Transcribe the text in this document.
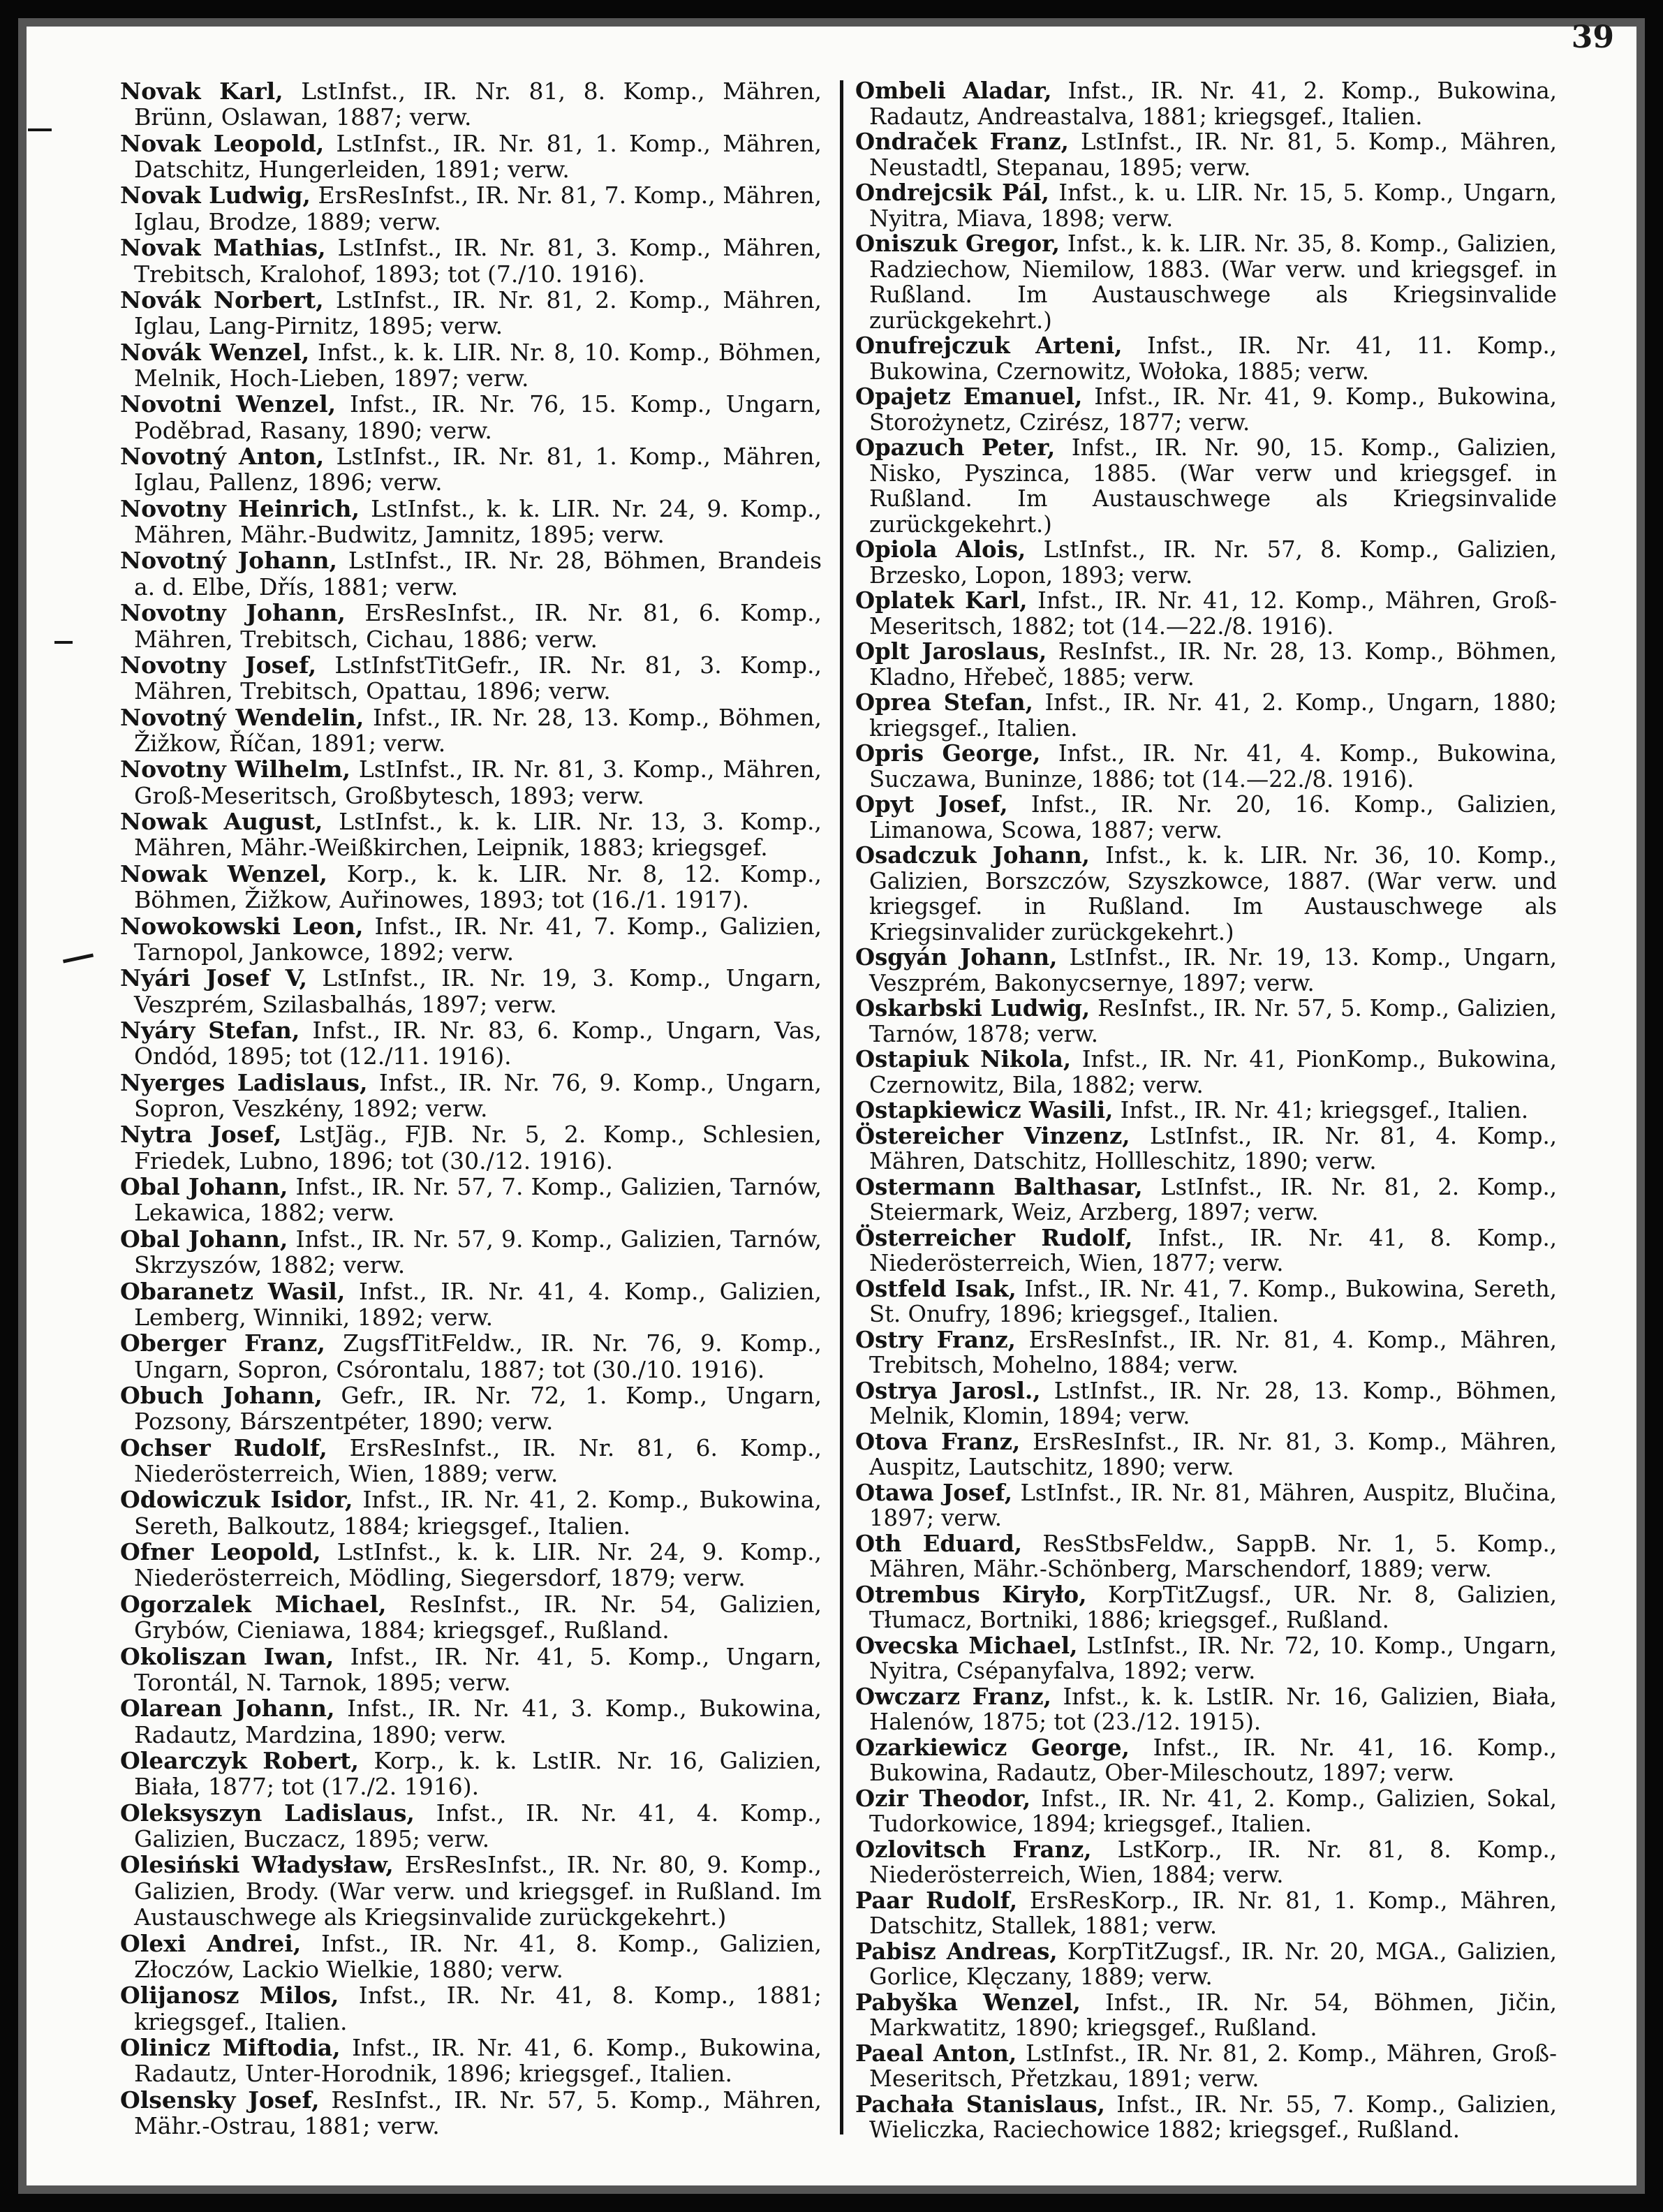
39

Novak Karl, LstInfst., IR. Nr. 81, 8. Komp., Mähren, Brünn, Oslawan, 1887; verw.

Novak Leopold, LstInfst., IR. Nr. 81, 1. Komp., Mähren, Datschitz, Hungerleiden, 1891; verw.

Novak Ludwig, ErsResInfst., IR. Nr. 81, 7. Komp., Mähren, Iglau, Brodze, 1889; verw.

Novak Mathias, LstInfst., IR. Nr. 81, 3. Komp., Mähren, Trebitsch, Kralohof, 1893; tot (7./10. 1916).

Novák Norbert, LstInfst., IR. Nr. 81, 2. Komp., Mähren, Iglau, Lang-Pirnitz, 1895; verw.

Novák Wenzel, Infst., k. k. LIR. Nr. 8, 10. Komp., Böhmen, Melnik, Hoch-Lieben, 1897; verw.

Novotni Wenzel, Infst., IR. Nr. 76, 15. Komp., Ungarn, Poděbrad, Rasany, 1890; verw.

Novotný Anton, LstInfst., IR. Nr. 81, 1. Komp., Mähren, Iglau, Pallenz, 1896; verw.

Novotny Heinrich, LstInfst., k. k. LIR. Nr. 24, 9. Komp., Mähren, Mähr.-Budwitz, Jamnitz, 1895; verw.

Novotný Johann, LstInfst., IR. Nr. 28, Böhmen, Brandeis a. d. Elbe, Dřís, 1881; verw.

Novotny Johann, ErsResInfst., IR. Nr. 81, 6. Komp., Mähren, Trebitsch, Cichau, 1886; verw.

Novotny Josef, LstInfstTitGefr., IR. Nr. 81, 3. Komp., Mähren, Trebitsch, Opattau, 1896; verw.

Novotný Wendelin, Infst., IR. Nr. 28, 13. Komp., Böhmen, Žižkow, Říčan, 1891; verw.

Novotny Wilhelm, LstInfst., IR. Nr. 81, 3. Komp., Mähren, Groß-Meseritsch, Großbytesch, 1893; verw.

Nowak August, LstInfst., k. k. LIR. Nr. 13, 3. Komp., Mähren, Mähr.-Weißkirchen, Leipnik, 1883; kriegsgef.

Nowak Wenzel, Korp., k. k. LIR. Nr. 8, 12. Komp., Böhmen, Žižkow, Auřinowes, 1893; tot (16./1. 1917).

Nowokowski Leon, Infst., IR. Nr. 41, 7. Komp., Galizien, Tarnopol, Jankowce, 1892; verw.

Nyári Josef V, LstInfst., IR. Nr. 19, 3. Komp., Ungarn, Veszprém, Szilasbalhás, 1897; verw.

Nyáry Stefan, Infst., IR. Nr. 83, 6. Komp., Ungarn, Vas, Ondód, 1895; tot (12./11. 1916).

Nyerges Ladislaus, Infst., IR. Nr. 76, 9. Komp., Ungarn, Sopron, Veszkény, 1892; verw.

Nytra Josef, LstJäg., FJB. Nr. 5, 2. Komp., Schlesien, Friedek, Lubno, 1896; tot (30./12. 1916).

Obal Johann, Infst., IR. Nr. 57, 7. Komp., Galizien, Tarnów, Lekawica, 1882; verw.

Obal Johann, Infst., IR. Nr. 57, 9. Komp., Galizien, Tarnów, Skrzyszów, 1882; verw.

Obaranetz Wasil, Infst., IR. Nr. 41, 4. Komp., Galizien, Lemberg, Winniki, 1892; verw.

Oberger Franz, ZugsfTitFeldw., IR. Nr. 76, 9. Komp., Ungarn, Sopron, Csórontalu, 1887; tot (30./10. 1916).

Obuch Johann, Gefr., IR. Nr. 72, 1. Komp., Ungarn, Pozsony, Bárszentpéter, 1890; verw.

Ochser Rudolf, ErsResInfst., IR. Nr. 81, 6. Komp., Niederösterreich, Wien, 1889; verw.

Odowiczuk Isidor, Infst., IR. Nr. 41, 2. Komp., Bukowina, Sereth, Balkoutz, 1884; kriegsgef., Italien.

Ofner Leopold, LstInfst., k. k. LIR. Nr. 24, 9. Komp., Niederösterreich, Mödling, Siegersdorf, 1879; verw.

Ogorzalek Michael, ResInfst., IR. Nr. 54, Galizien, Grybów, Cieniawa, 1884; kriegsgef., Rußland.

Okoliszan Iwan, Infst., IR. Nr. 41, 5. Komp., Ungarn, Torontál, N. Tarnok, 1895; verw.

Olarean Johann, Infst., IR. Nr. 41, 3. Komp., Bukowina, Radautz, Mardzina, 1890; verw.

Olearczyk Robert, Korp., k. k. LstIR. Nr. 16, Galizien, Biała, 1877; tot (17./2. 1916).

Oleksyszyn Ladislaus, Infst., IR. Nr. 41, 4. Komp., Galizien, Buczacz, 1895; verw.

Olesiński Władysław, ErsResInfst., IR. Nr. 80, 9. Komp., Galizien, Brody. (War verw. und kriegsgef. in Rußland. Im Austauschwege als Kriegsinvalide zurückgekehrt.)

Olexi Andrei, Infst., IR. Nr. 41, 8. Komp., Galizien, Złoczów, Lackio Wielkie, 1880; verw.

Olijanosz Milos, Infst., IR. Nr. 41, 8. Komp., 1881; kriegsgef., Italien.

Olinicz Miftodia, Infst., IR. Nr. 41, 6. Komp., Bukowina, Radautz, Unter-Horodnik, 1896; kriegsgef., Italien.

Olsensky Josef, ResInfst., IR. Nr. 57, 5. Komp., Mähren, Mähr.-Ostrau, 1881; verw.

Ombeli Aladar, Infst., IR. Nr. 41, 2. Komp., Bukowina, Radautz, Andreastalva, 1881; kriegsgef., Italien.

Ondraček Franz, LstInfst., IR. Nr. 81, 5. Komp., Mähren, Neustadtl, Stepanau, 1895; verw.

Ondrejcsik Pál, Infst., k. u. LIR. Nr. 15, 5. Komp., Ungarn, Nyitra, Miava, 1898; verw.

Oniszuk Gregor, Infst., k. k. LIR. Nr. 35, 8. Komp., Galizien, Radziechow, Niemilow, 1883. (War verw. und kriegsgef. in Rußland. Im Austauschwege als Kriegsinvalide zurückgekehrt.)

Onufrejczuk Arteni, Infst., IR. Nr. 41, 11. Komp., Bukowina, Czernowitz, Wołoka, 1885; verw.

Opajetz Emanuel, Infst., IR. Nr. 41, 9. Komp., Bukowina, Storożynetz, Czirész, 1877; verw.

Opazuch Peter, Infst., IR. Nr. 90, 15. Komp., Galizien, Nisko, Pyszinca, 1885. (War verw und kriegsgef. in Rußland. Im Austauschwege als Kriegsinvalide zurückgekehrt.)

Opiola Alois, LstInfst., IR. Nr. 57, 8. Komp., Galizien, Brzesko, Lopon, 1893; verw.

Oplatek Karl, Infst., IR. Nr. 41, 12. Komp., Mähren, Groß-Meseritsch, 1882; tot (14.—22./8. 1916).

Oplt Jaroslaus, ResInfst., IR. Nr. 28, 13. Komp., Böhmen, Kladno, Hřebeč, 1885; verw.

Oprea Stefan, Infst., IR. Nr. 41, 2. Komp., Ungarn, 1880; kriegsgef., Italien.

Opris George, Infst., IR. Nr. 41, 4. Komp., Bukowina, Suczawa, Buninze, 1886; tot (14.—22./8. 1916).

Opyt Josef, Infst., IR. Nr. 20, 16. Komp., Galizien, Limanowa, Scowa, 1887; verw.

Osadczuk Johann, Infst., k. k. LIR. Nr. 36, 10. Komp., Galizien, Borszczów, Szyszkowce, 1887. (War verw. und kriegsgef. in Rußland. Im Austauschwege als Kriegsinvalider zurückgekehrt.)

Osgyán Johann, LstInfst., IR. Nr. 19, 13. Komp., Ungarn, Veszprém, Bakonycsernye, 1897; verw.

Oskarbski Ludwig, ResInfst., IR. Nr. 57, 5. Komp., Galizien, Tarnów, 1878; verw.

Ostapiuk Nikola, Infst., IR. Nr. 41, PionKomp., Bukowina, Czernowitz, Bila, 1882; verw.

Ostapkiewicz Wasili, Infst., IR. Nr. 41; kriegsgef., Italien.

Östereicher Vinzenz, LstInfst., IR. Nr. 81, 4. Komp., Mähren, Datschitz, Hollleschitz, 1890; verw.

Ostermann Balthasar, LstInfst., IR. Nr. 81, 2. Komp., Steiermark, Weiz, Arzberg, 1897; verw.

Österreicher Rudolf, Infst., IR. Nr. 41, 8. Komp., Niederösterreich, Wien, 1877; verw.

Ostfeld Isak, Infst., IR. Nr. 41, 7. Komp., Bukowina, Sereth, St. Onufry, 1896; kriegsgef., Italien.

Ostry Franz, ErsResInfst., IR. Nr. 81, 4. Komp., Mähren, Trebitsch, Mohelno, 1884; verw.

Ostrya Jarosl., LstInfst., IR. Nr. 28, 13. Komp., Böhmen, Melnik, Klomin, 1894; verw.

Otova Franz, ErsResInfst., IR. Nr. 81, 3. Komp., Mähren, Auspitz, Lautschitz, 1890; verw.

Otawa Josef, LstInfst., IR. Nr. 81, Mähren, Auspitz, Blučina, 1897; verw.

Oth Eduard, ResStbsFeldw., SappB. Nr. 1, 5. Komp., Mähren, Mähr.-Schönberg, Marschendorf, 1889; verw.

Otrembus Kiryło, KorpTitZugsf., UR. Nr. 8, Galizien, Tłumacz, Bortniki, 1886; kriegsgef., Rußland.

Ovecska Michael, LstInfst., IR. Nr. 72, 10. Komp., Ungarn, Nyitra, Csépanyfalva, 1892; verw.

Owczarz Franz, Infst., k. k. LstIR. Nr. 16, Galizien, Biała, Halenów, 1875; tot (23./12. 1915).

Ozarkiewicz George, Infst., IR. Nr. 41, 16. Komp., Bukowina, Radautz, Ober-Mileschoutz, 1897; verw.

Ozir Theodor, Infst., IR. Nr. 41, 2. Komp., Galizien, Sokal, Tudorkowice, 1894; kriegsgef., Italien.

Ozlovitsch Franz, LstKorp., IR. Nr. 81, 8. Komp., Niederösterreich, Wien, 1884; verw.

Paar Rudolf, ErsResKorp., IR. Nr. 81, 1. Komp., Mähren, Datschitz, Stallek, 1881; verw.

Pabisz Andreas, KorpTitZugsf., IR. Nr. 20, MGA., Galizien, Gorlice, Klęczany, 1889; verw.

Pabyška Wenzel, Infst., IR. Nr. 54, Böhmen, Jičin, Markwatitz, 1890; kriegsgef., Rußland.

Paeal Anton, LstInfst., IR. Nr. 81, 2. Komp., Mähren, Groß-Meseritsch, Přetzkau, 1891; verw.

Pachała Stanislaus, Infst., IR. Nr. 55, 7. Komp., Galizien, Wieliczka, Raciechowice 1882; kriegsgef., Rußland.
